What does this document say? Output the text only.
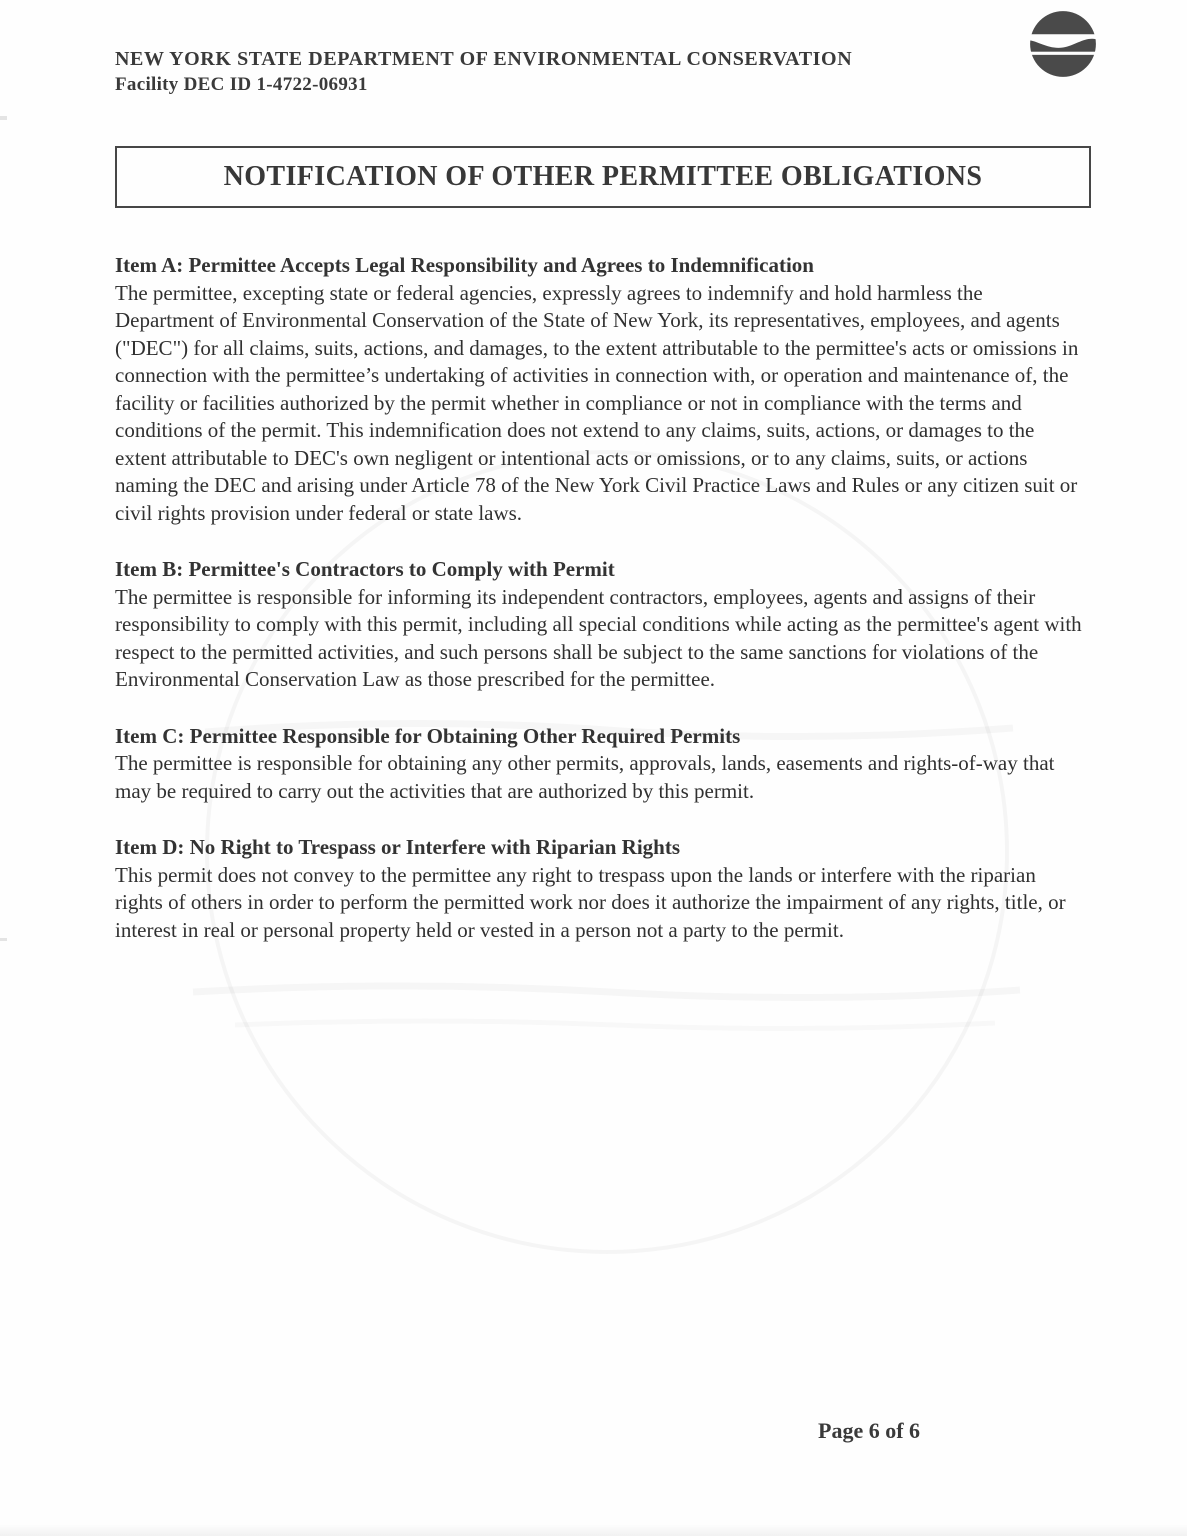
NEW YORK STATE DEPARTMENT OF ENVIRONMENTAL CONSERVATION
Facility DEC ID 1-4722-06931
NOTIFICATION OF OTHER PERMITTEE OBLIGATIONS
Item A: Permittee Accepts Legal Responsibility and Agrees to Indemnification

The permittee, excepting state or federal agencies, expressly agrees to indemnify and hold harmless the Department of Environmental Conservation of the State of New York, its representatives, employees, and agents ("DEC") for all claims, suits, actions, and damages, to the extent attributable to the permittee's acts or omissions in connection with the permittee’s undertaking of activities in connection with, or operation and maintenance of, the facility or facilities authorized by the permit whether in compliance or not in compliance with the terms and conditions of the permit. This indemnification does not extend to any claims, suits, actions, or damages to the extent attributable to DEC's own negligent or intentional acts or omissions, or to any claims, suits, or actions naming the DEC and arising under Article 78 of the New York Civil Practice Laws and Rules or any citizen suit or civil rights provision under federal or state laws.

Item B: Permittee's Contractors to Comply with Permit

The permittee is responsible for informing its independent contractors, employees, agents and assigns of their responsibility to comply with this permit, including all special conditions while acting as the permittee's agent with respect to the permitted activities, and such persons shall be subject to the same sanctions for violations of the Environmental Conservation Law as those prescribed for the permittee.

Item C: Permittee Responsible for Obtaining Other Required Permits

The permittee is responsible for obtaining any other permits, approvals, lands, easements and rights-of-way that may be required to carry out the activities that are authorized by this permit.

Item D: No Right to Trespass or Interfere with Riparian Rights

This permit does not convey to the permittee any right to trespass upon the lands or interfere with the riparian rights of others in order to perform the permitted work nor does it authorize the impairment of any rights, title, or interest in real or personal property held or vested in a person not a party to the permit.

Page 6 of 6
